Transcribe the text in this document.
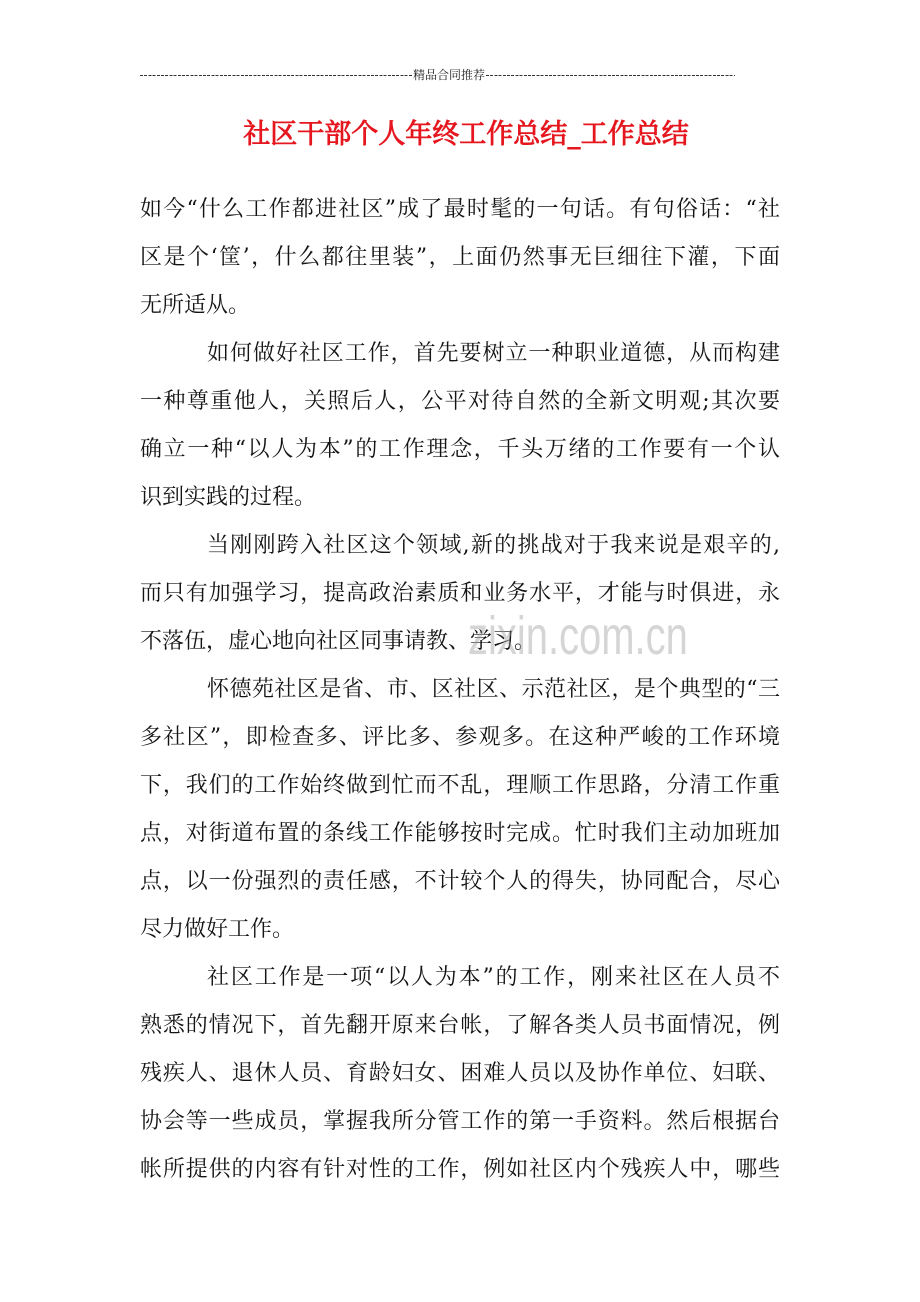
精品合同推荐
社区干部个人年终工作总结_工作总结
如今“什么工作都进社区”成了最时髦的一句话。有句俗话：“社
区是个‘筐’，什么都往里装”，上面仍然事无巨细往下灌，下面
无所适从。
如何做好社区工作，首先要树立一种职业道德，从而构建
一种尊重他人，关照后人，公平对待自然的全新文明观;其次要
确立一种“以人为本”的工作理念，千头万绪的工作要有一个认
识到实践的过程。
当刚刚跨入社区这个领域,新的挑战对于我来说是艰辛的,
而只有加强学习，提高政治素质和业务水平，才能与时俱进，永
不落伍，虚心地向社区同事请教、学习。
怀德苑社区是省、市、区社区、示范社区，是个典型的“三
多社区”，即检查多、评比多、参观多。在这种严峻的工作环境
下，我们的工作始终做到忙而不乱，理顺工作思路，分清工作重
点，对街道布置的条线工作能够按时完成。忙时我们主动加班加
点，以一份强烈的责任感，不计较个人的得失，协同配合，尽心
尽力做好工作。
社区工作是一项“以人为本”的工作，刚来社区在人员不
熟悉的情况下，首先翻开原来台帐，了解各类人员书面情况，例
残疾人、退休人员、育龄妇女、困难人员以及协作单位、妇联、
协会等一些成员，掌握我所分管工作的第一手资料。然后根据台
帐所提供的内容有针对性的工作，例如社区内个残疾人中，哪些
zixin.com.cn
